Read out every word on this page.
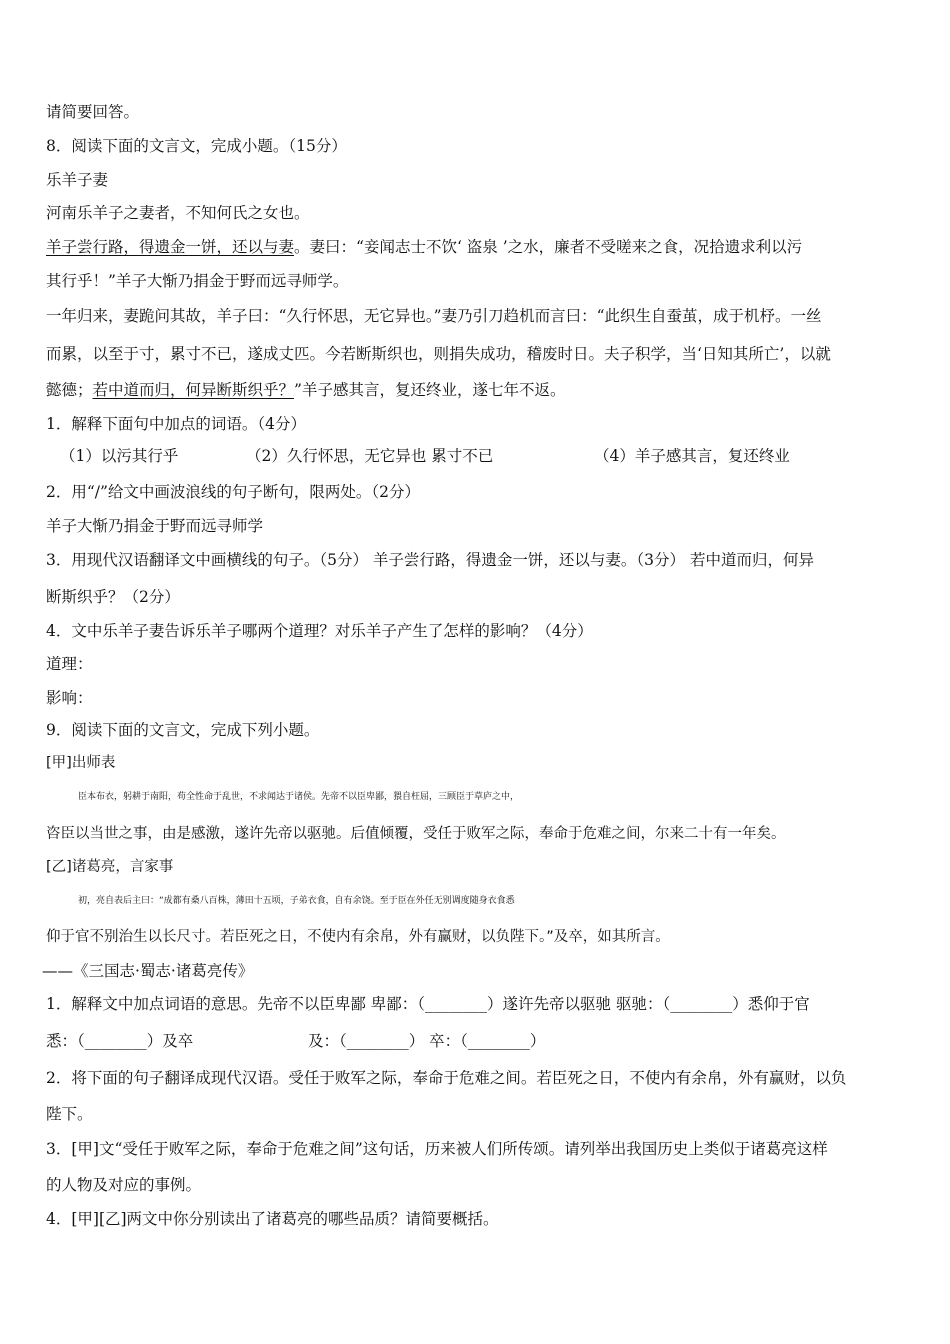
请简要回答。
8．阅读下面的文言文，完成小题。（15分）
乐羊子妻
河南乐羊子之妻者，不知何氏之女也。
羊子尝行路，得遗金一饼，还以与妻。妻曰：“妾闻志士不饮‘ 盗泉 ’之水，廉者不受嗟来之食，况拾遗求利以污
其行乎！”羊子大惭乃捐金于野而远寻师学。
一年归来，妻跪问其故，羊子曰：“久行怀思，无它异也。”妻乃引刀趋机而言曰：“此织生自蚕茧，成于机杼。一丝
而累，以至于寸，累寸不已，遂成丈匹。今若断斯织也，则捐失成功，稽废时日。夫子积学，当‘日知其所亡’，以就
懿德；若中道而归，何异断斯织乎？”羊子感其言，复还终业，遂七年不返。
1．解释下面句中加点的词语。（4分）
（1）以污其行乎	（2）久行怀思，无它异也 累寸不已	（4）羊子感其言，复还终业
2．用“/”给文中画波浪线的句子断句，限两处。（2分）
羊子大惭乃捐金于野而远寻师学
3．用现代汉语翻译文中画横线的句子。（5分） 羊子尝行路，得遗金一饼，还以与妻。（3分） 若中道而归，何异
断斯织乎？（2分）
4．文中乐羊子妻告诉乐羊子哪两个道理？对乐羊子产生了怎样的影响？（4分）
道理：
影响：
9．阅读下面的文言文，完成下列小题。
[甲]出师表
臣本布衣，躬耕于南阳，苟全性命于乱世，不求闻达于诸侯。先帝不以臣卑鄙，猥自枉屈，三顾臣于草庐之中，
咨臣以当世之事，由是感激，遂许先帝以驱驰。后值倾覆，受任于败军之际，奉命于危难之间，尔来二十有一年矣。
[乙]诸葛亮，言家事
初，亮自表后主曰：“成都有桑八百株，薄田十五顷，子弟衣食，自有余饶。至于臣在外任无别调度随身衣食悉
仰于官不别治生以长尺寸。若臣死之日，不使内有余帛，外有赢财，以负陛下。”及卒，如其所言。
——《三国志·蜀志·诸葛亮传》
1．解释文中加点词语的意思。先帝不以臣卑鄙 卑鄙：（________）遂许先帝以驱驰 驱驰：（________）悉仰于官
悉：（________）及卒	及：（________） 卒：（________）
2．将下面的句子翻译成现代汉语。受任于败军之际，奉命于危难之间。若臣死之日，不使内有余帛，外有赢财，以负
陛下。
3．[甲]文“受任于败军之际，奉命于危难之间”这句话，历来被人们所传颂。请列举出我国历史上类似于诸葛亮这样
的人物及对应的事例。
4．[甲][乙]两文中你分别读出了诸葛亮的哪些品质？请简要概括。
